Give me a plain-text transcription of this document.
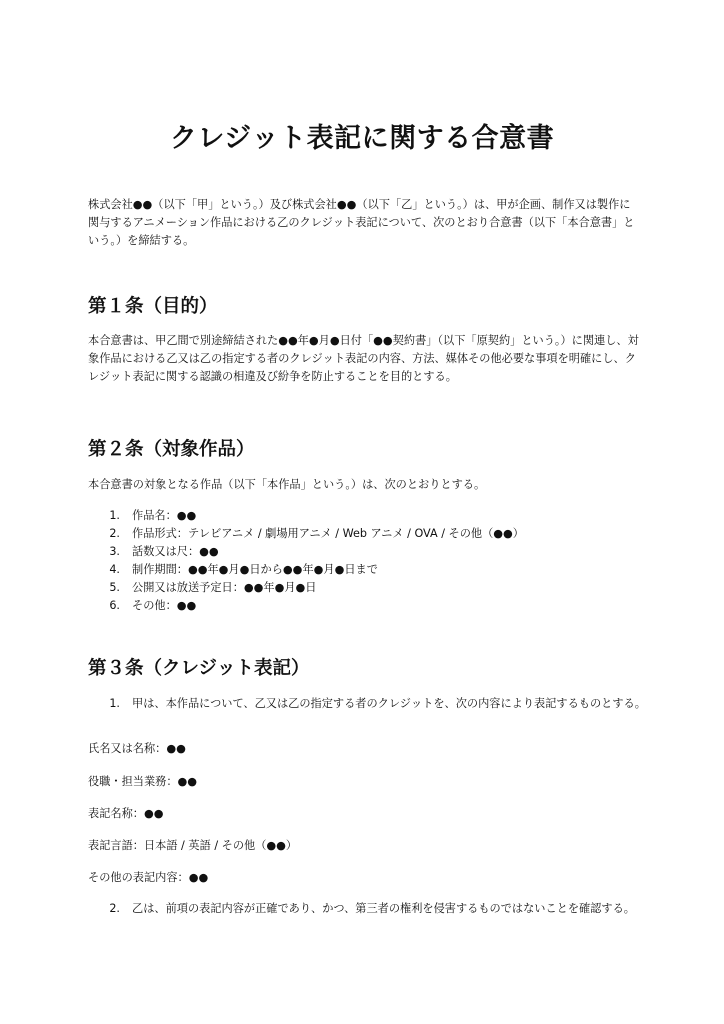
クレジット表記に関する合意書

株式会社●●（以下「甲」という。）及び株式会社●●（以下「乙」という。）は、甲が企画、制作又は製作に関与するアニメーション作品における乙のクレジット表記について、次のとおり合意書（以下「本合意書」という。）を締結する。

第１条（目的）

本合意書は、甲乙間で別途締結された●●年●月●日付「●●契約書」（以下「原契約」という。）に関連し、対象作品における乙又は乙の指定する者のクレジット表記の内容、方法、媒体その他必要な事項を明確にし、クレジット表記に関する認識の相違及び紛争を防止することを目的とする。

第２条（対象作品）

本合意書の対象となる作品（以下「本作品」という。）は、次のとおりとする。

1.	作品名：●●
2.	作品形式：テレビアニメ / 劇場用アニメ / Web アニメ / OVA / その他（●●）
3.	話数又は尺：●●
4.	制作期間：●●年●月●日から●●年●月●日まで
5.	公開又は放送予定日：●●年●月●日
6.	その他：●●
第３条（クレジット表記）
1.	甲は、本作品について、乙又は乙の指定する者のクレジットを、次の内容により表記するものとする。

氏名又は名称：●●

役職・担当業務：●●

表記名称：●●

表記言語：日本語 / 英語 / その他（●●）

その他の表記内容：●●

2.	乙は、前項の表記内容が正確であり、かつ、第三者の権利を侵害するものではないことを確認する。
